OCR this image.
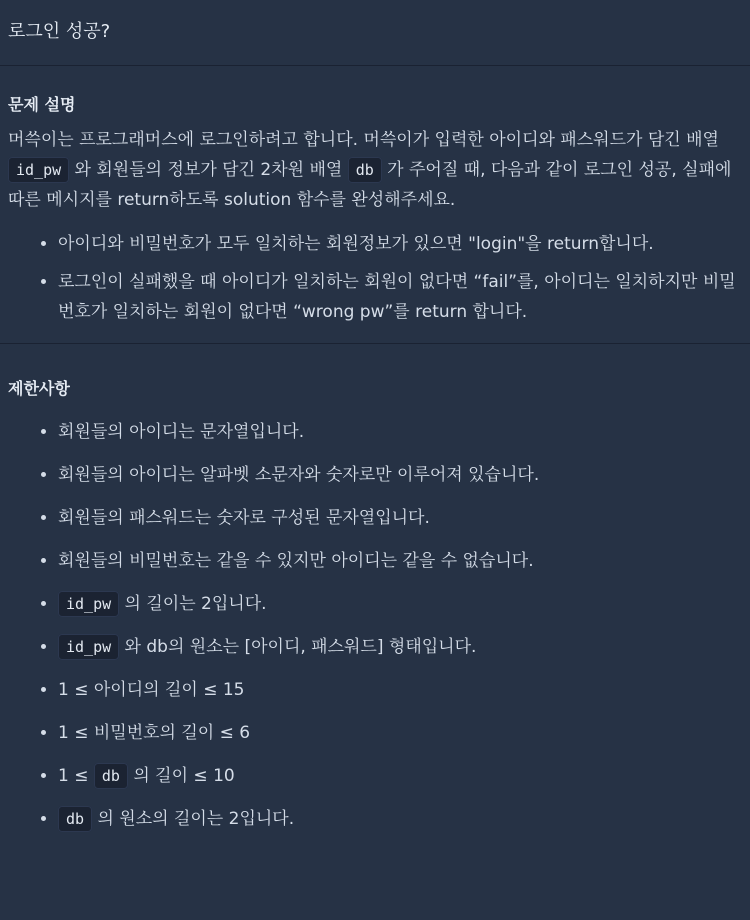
로그인 성공?
문제 설명

머쓱이는 프로그래머스에 로그인하려고 합니다. 머쓱이가 입력한 아이디와 패스워드가 담긴 배열 id_pw 와 회원들의 정보가 담긴 2차원 배열 db 가 주어질 때, 다음과 같이 로그인 성공, 실패에 따른 메시지를 return하도록 solution 함수를 완성해주세요.

• 아이디와 비밀번호가 모두 일치하는 회원정보가 있으면 "login"을 return합니다.
• 로그인이 실패했을 때 아이디가 일치하는 회원이 없다면 “fail”를, 아이디는 일치하지만 비밀번호가 일치하는 회원이 없다면 “wrong pw”를 return 합니다.
제한사항
• 회원들의 아이디는 문자열입니다.
• 회원들의 아이디는 알파벳 소문자와 숫자로만 이루어져 있습니다.
• 회원들의 패스워드는 숫자로 구성된 문자열입니다.
• 회원들의 비밀번호는 같을 수 있지만 아이디는 같을 수 없습니다.
• id_pw 의 길이는 2입니다.
• id_pw 와 db의 원소는 [아이디, 패스워드] 형태입니다.
• 1 ≤ 아이디의 길이 ≤ 15
• 1 ≤ 비밀번호의 길이 ≤ 6
• 1 ≤ db 의 길이 ≤ 10
• db 의 원소의 길이는 2입니다.
